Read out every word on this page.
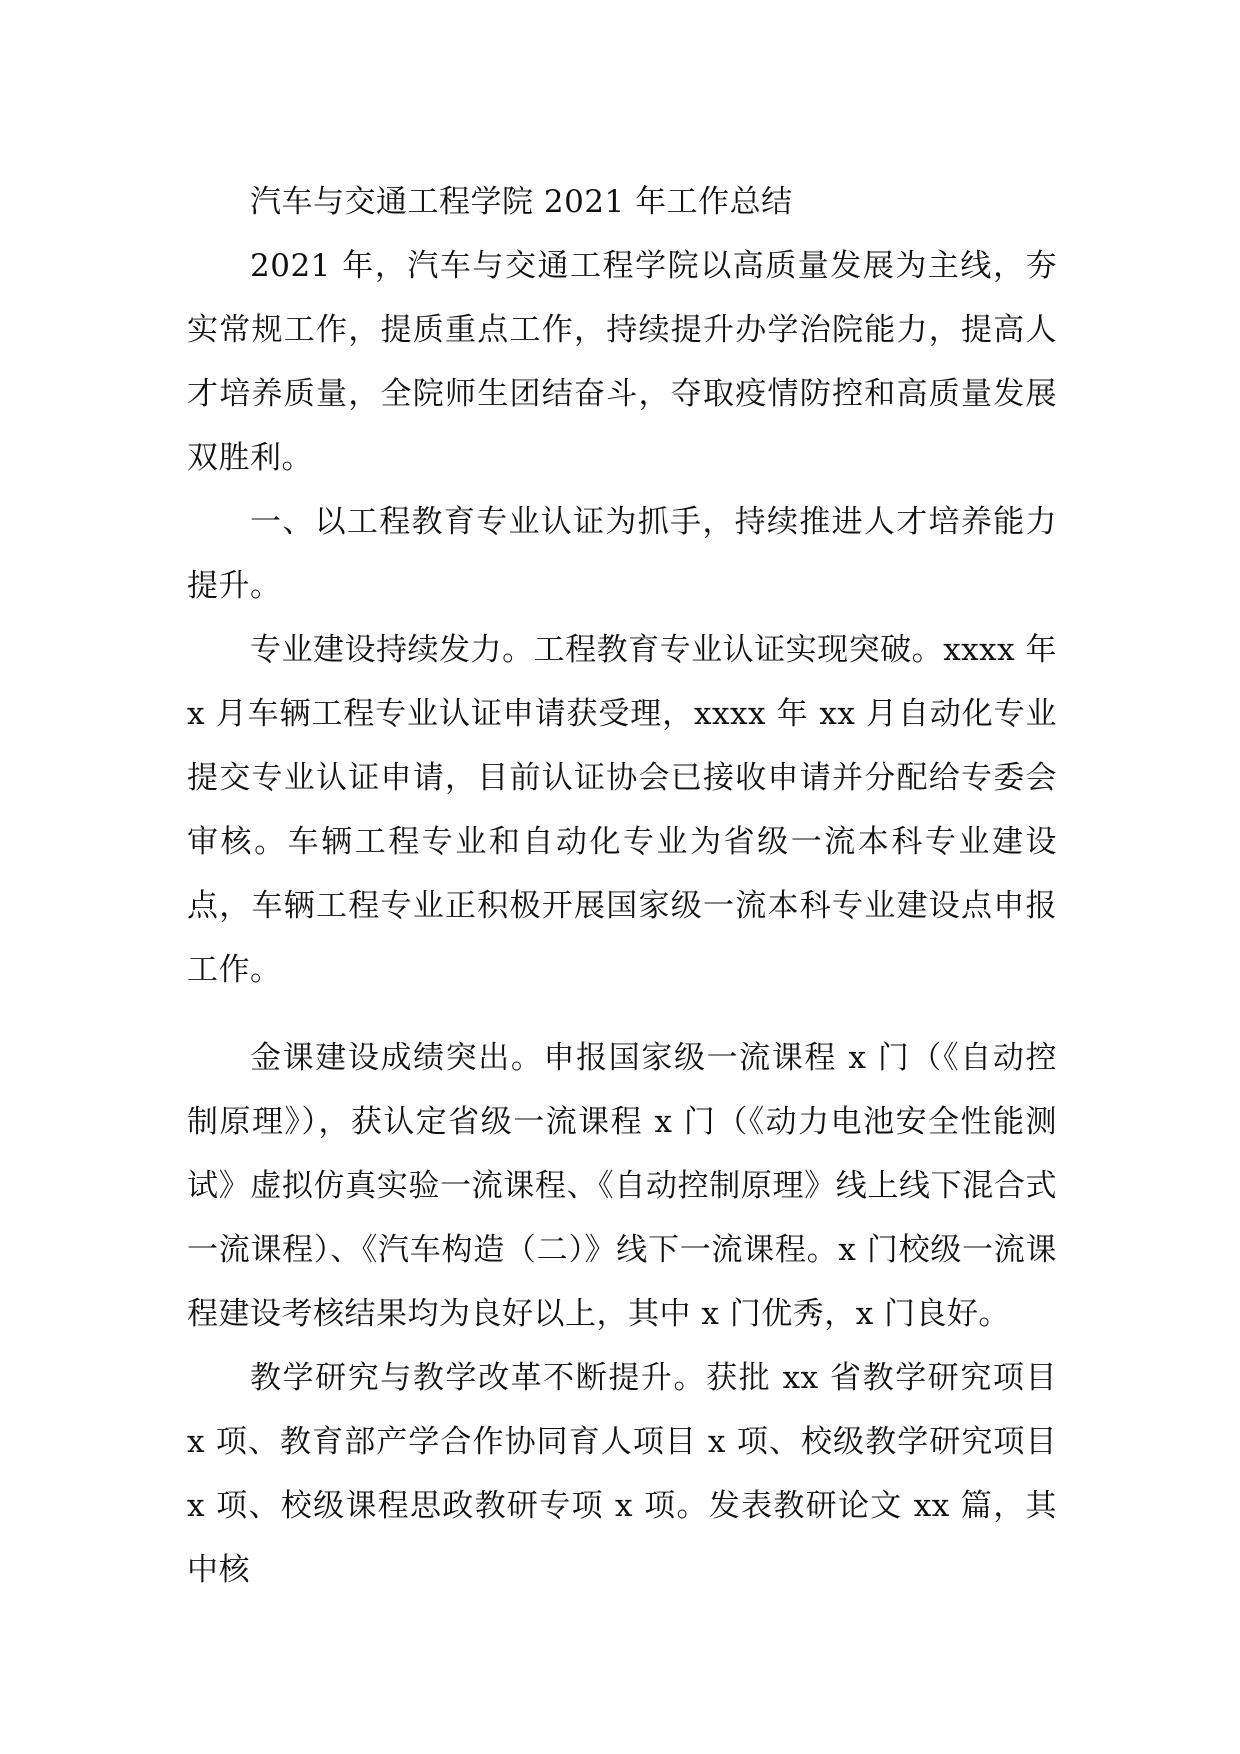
汽车与交通工程学院 2021 年工作总结

2021 年，汽车与交通工程学院以高质量发展为主线，夯实常规工作，提质重点工作，持续提升办学治院能力，提高人才培养质量，全院师生团结奋斗，夺取疫情防控和高质量发展双胜利。

一、以工程教育专业认证为抓手，持续推进人才培养能力提升。

专业建设持续发力。工程教育专业认证实现突破。xxxx 年 x 月车辆工程专业认证申请获受理，xxxx 年 xx 月自动化专业提交专业认证申请，目前认证协会已接收申请并分配给专委会审核。车辆工程专业和自动化专业为省级一流本科专业建设点，车辆工程专业正积极开展国家级一流本科专业建设点申报工作。

金课建设成绩突出。申报国家级一流课程 x 门（《自动控制原理》），获认定省级一流课程 x 门（《动力电池安全性能测试》虚拟仿真实验一流课程、《自动控制原理》线上线下混合式一流课程）、《汽车构造（二）》线下一流课程。x 门校级一流课程建设考核结果均为良好以上，其中 x 门优秀，x 门良好。

教学研究与教学改革不断提升。获批 xx 省教学研究项目 x 项、教育部产学合作协同育人项目 x 项、校级教学研究项目 x 项、校级课程思政教研专项 x 项。发表教研论文 xx 篇，其中核
